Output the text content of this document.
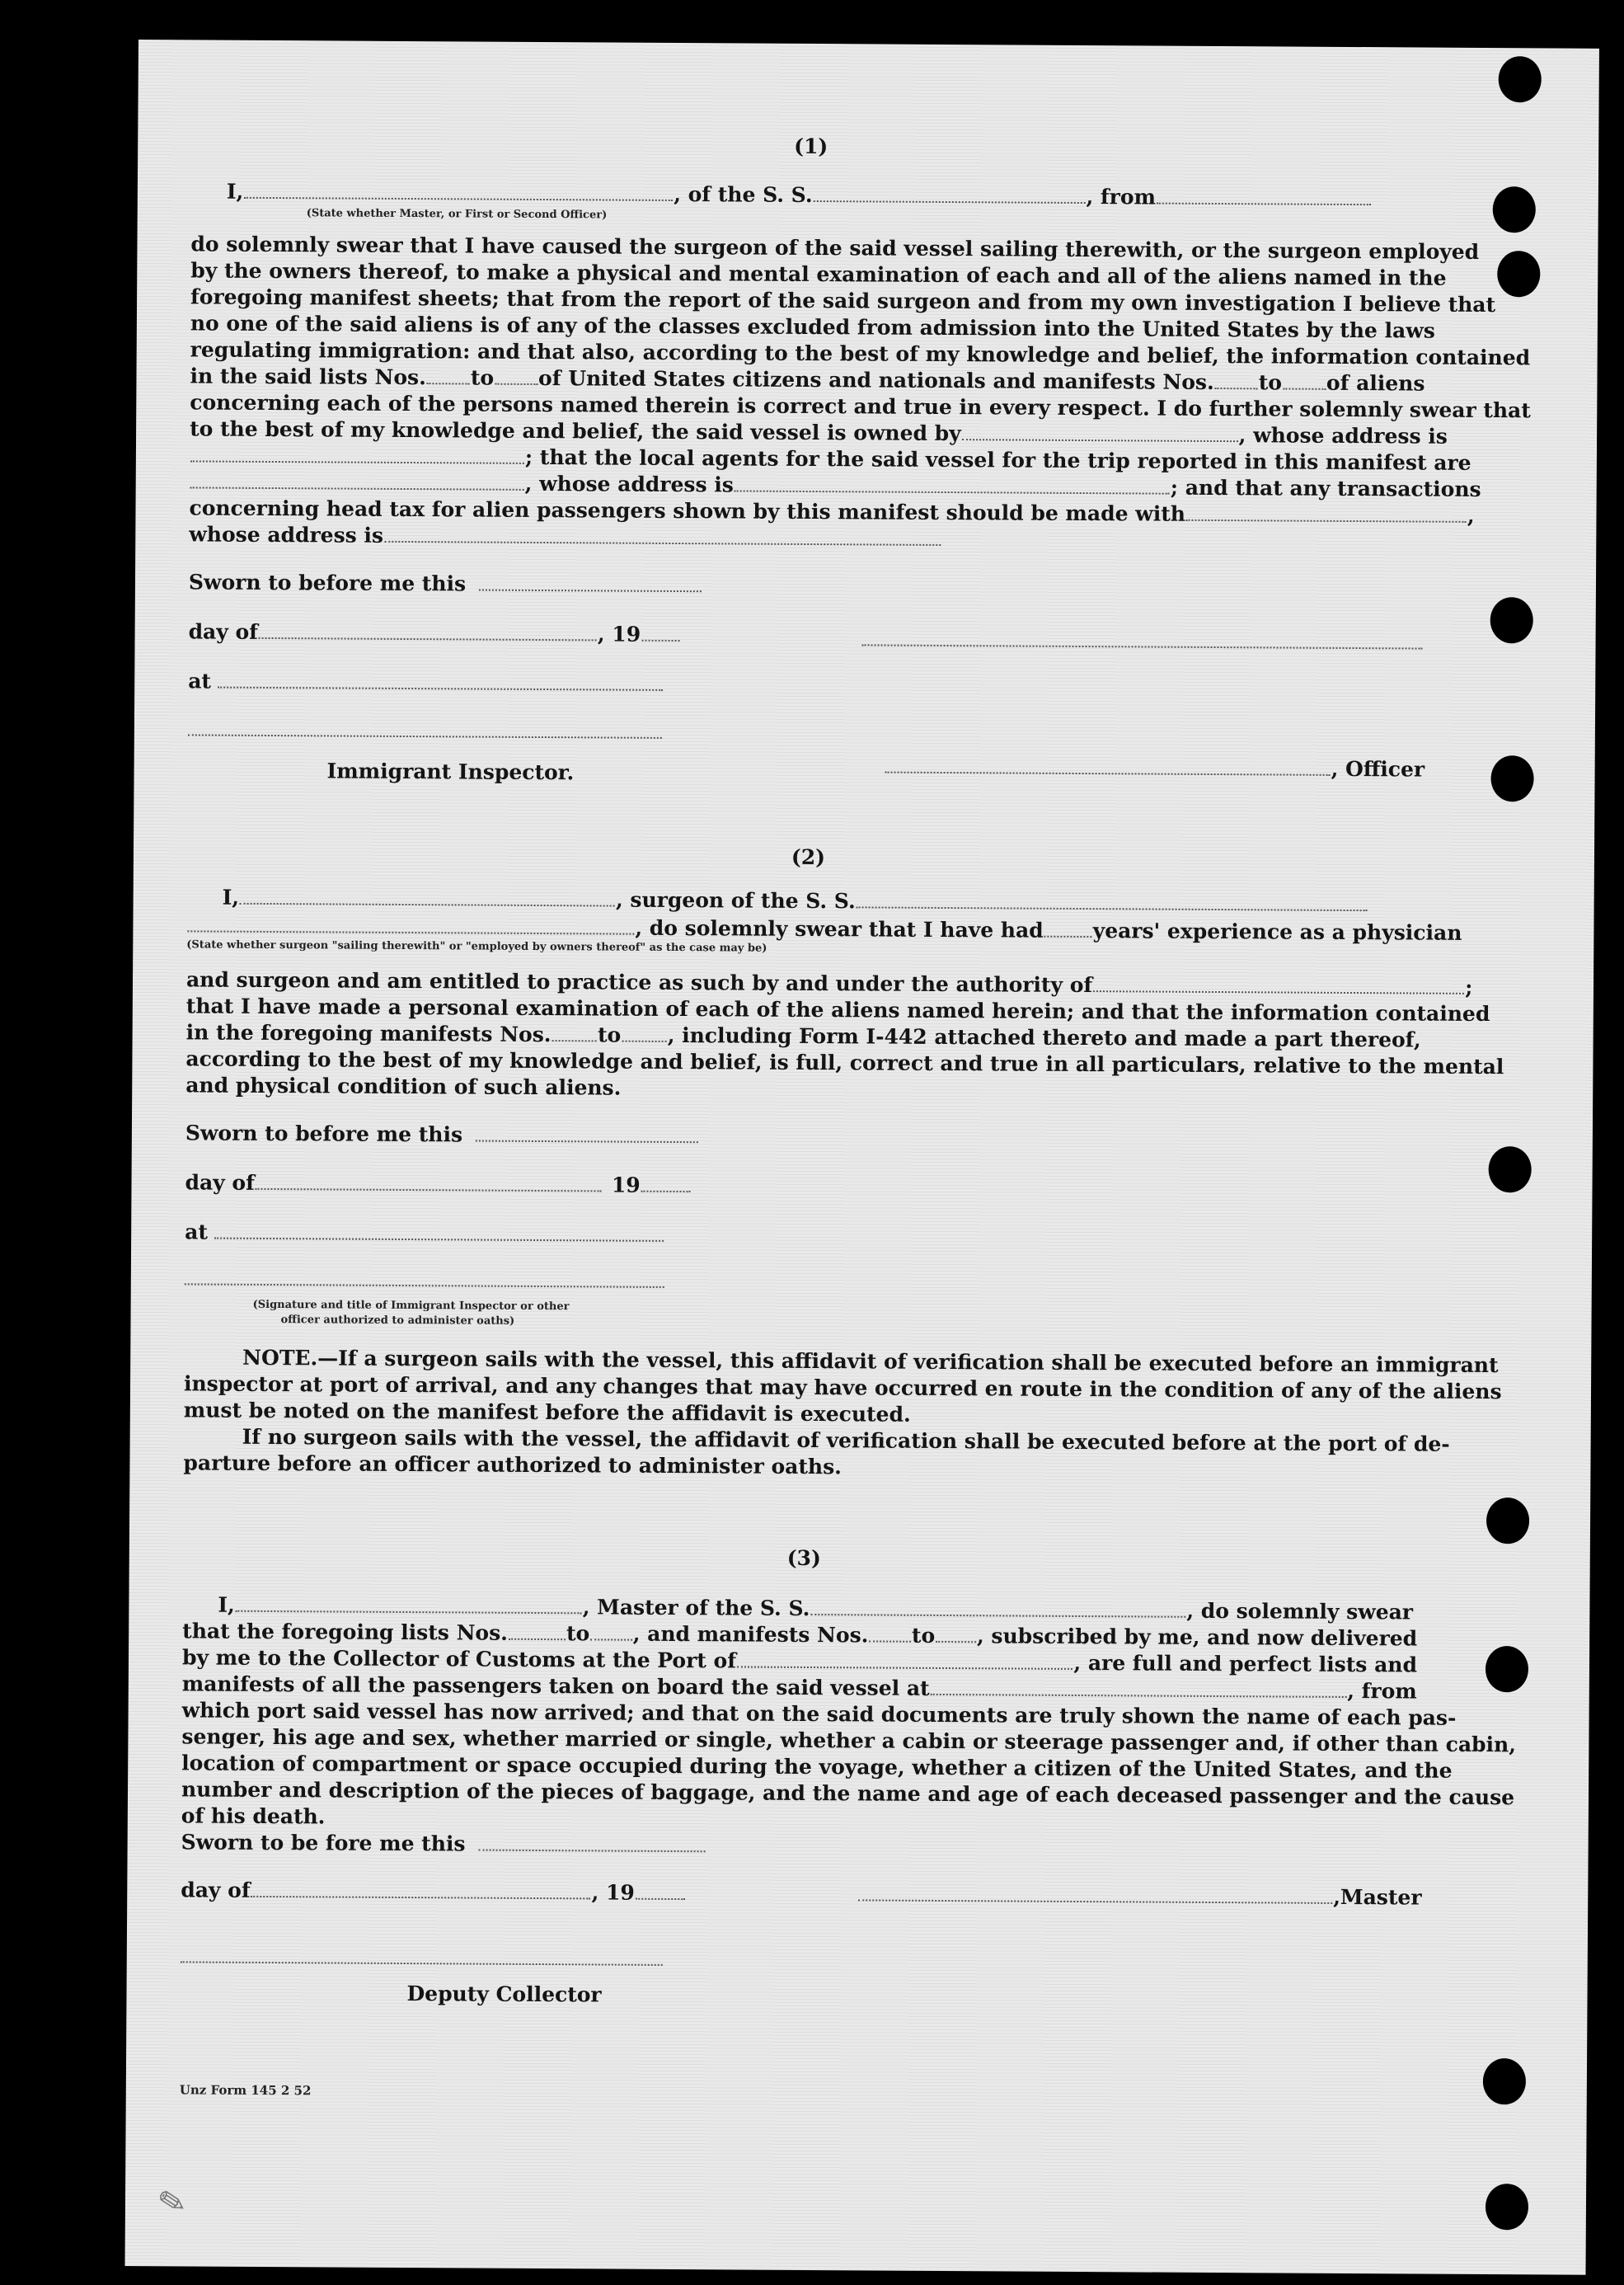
(1)
I,	, of the S. S.	, from
(State whether Master, or First or Second Officer)
do solemnly swear that I have caused the surgeon of the said vessel sailing therewith, or the surgeon employed
by the owners thereof, to make a physical and mental examination of each and all of the aliens named in the
foregoing manifest sheets; that from the report of the said surgeon and from my own investigation I believe that
no one of the said aliens is of any of the classes excluded from admission into the United States by the laws
regulating immigration: and that also, according to the best of my knowledge and belief, the information contained
in the said lists Nos. to of United States citizens and nationals and manifests Nos. to of aliens
concerning each of the persons named therein is correct and true in every respect. I do further solemnly swear that
to the best of my knowledge and belief, the said vessel is owned by	, whose address is
; that the local agents for the said vessel for the trip reported in this manifest are
, whose address is	; and that any transactions
concerning head tax for alien passengers shown by this manifest should be made with	,
whose address is
Sworn to before me this
day of	, 19
at
Immigrant Inspector.	, Officer
(2)
I,	, surgeon of the S. S.
, do solemnly swear that I have had years' experience as a physician
(State whether surgeon "sailing therewith" or "employed by owners thereof" as the case may be)
and surgeon and am entitled to practice as such by and under the authority of	;
that I have made a personal examination of each of the aliens named herein; and that the information contained
in the foregoing manifests Nos. to , including Form I-442 attached thereto and made a part thereof,
according to the best of my knowledge and belief, is full, correct and true in all particulars, relative to the mental
and physical condition of such aliens.
Sworn to before me this
day of	19
at
(Signature and title of Immigrant Inspector or other
officer authorized to administer oaths)
NOTE.—If a surgeon sails with the vessel, this affidavit of verification shall be executed before an immigrant
inspector at port of arrival, and any changes that may have occurred en route in the condition of any of the aliens
must be noted on the manifest before the affidavit is executed.
If no surgeon sails with the vessel, the affidavit of verification shall be executed before at the port of de-
parture before an officer authorized to administer oaths.
(3)
I,	, Master of the S. S.	, do solemnly swear
that the foregoing lists Nos.	to , and manifests Nos. to , subscribed by me, and now delivered
by me to the Collector of Customs at the Port of	, are full and perfect lists and
manifests of all the passengers taken on board the said vessel at	, from
which port said vessel has now arrived; and that on the said documents are truly shown the name of each pas-
senger, his age and sex, whether married or single, whether a cabin or steerage passenger and, if other than cabin,
location of compartment or space occupied during the voyage, whether a citizen of the United States, and the
number and description of the pieces of baggage, and the name and age of each deceased passenger and the cause
of his death.
Sworn to be fore me this
day of	, 19	,Master
Deputy Collector
Unz Form 145 2 52
✎
